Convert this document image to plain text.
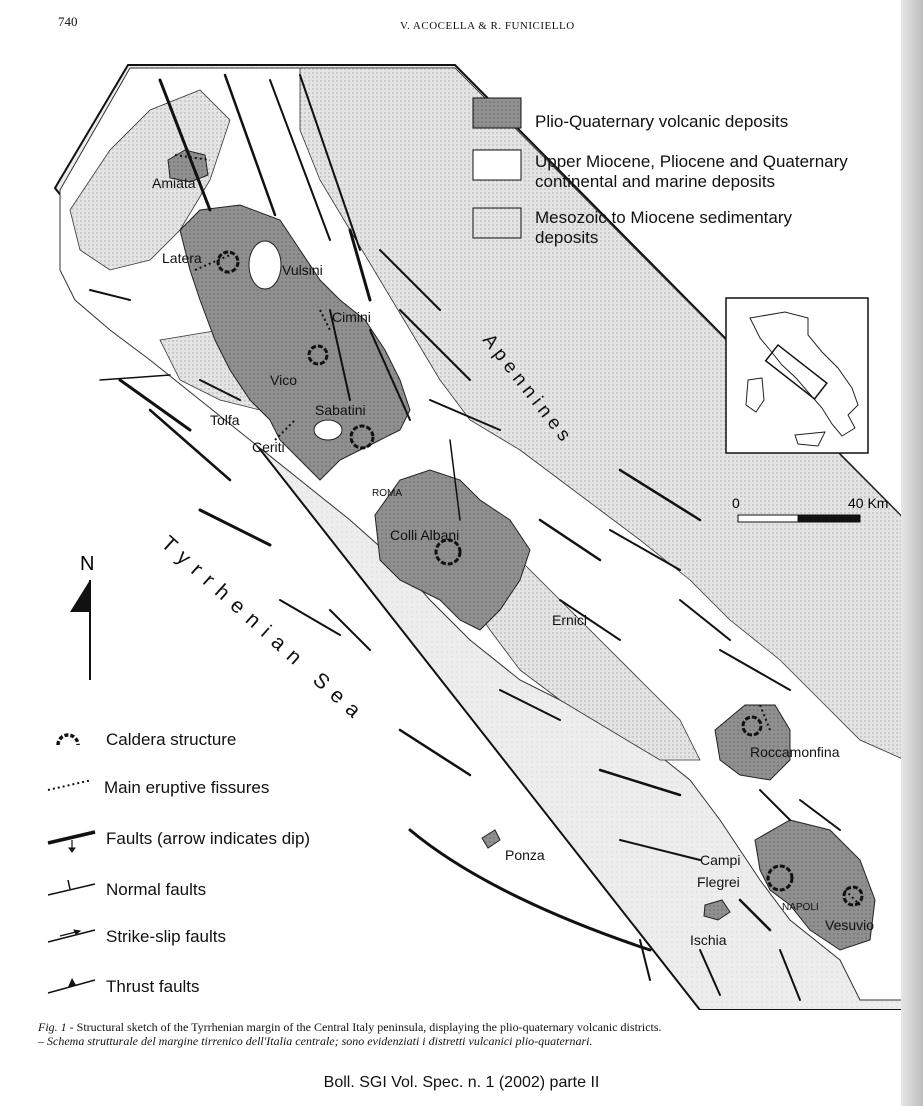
740	V. ACOCELLA & R. FUNICIELLO
Amiata
Latera
Vulsini
Cimini
Vico
Tolfa
Sabatini
Ceriti
ROMA
Colli Albani
Ernici
Roccamonfina
Campi
Flegrei
NAPOLI
Vesuvio
Ischia
Ponza
Apennines
Tyrrhenian Sea
N
0	40 Km
Plio-Quaternary volcanic deposits
Upper Miocene, Pliocene and Quaternary
continental and marine deposits
Mesozoic to Miocene sedimentary
deposits
Caldera structure
Main eruptive fissures
Faults (arrow indicates dip)
Normal faults
Strike-slip faults
Thrust faults
Fig. 1 - Structural sketch of the Tyrrhenian margin of the Central Italy peninsula, displaying the plio-quaternary volcanic districts.
– Schema strutturale del margine tirrenico dell'Italia centrale; sono evidenziati i distretti vulcanici plio-quaternari.
Boll. SGI Vol. Spec. n. 1 (2002) parte II
